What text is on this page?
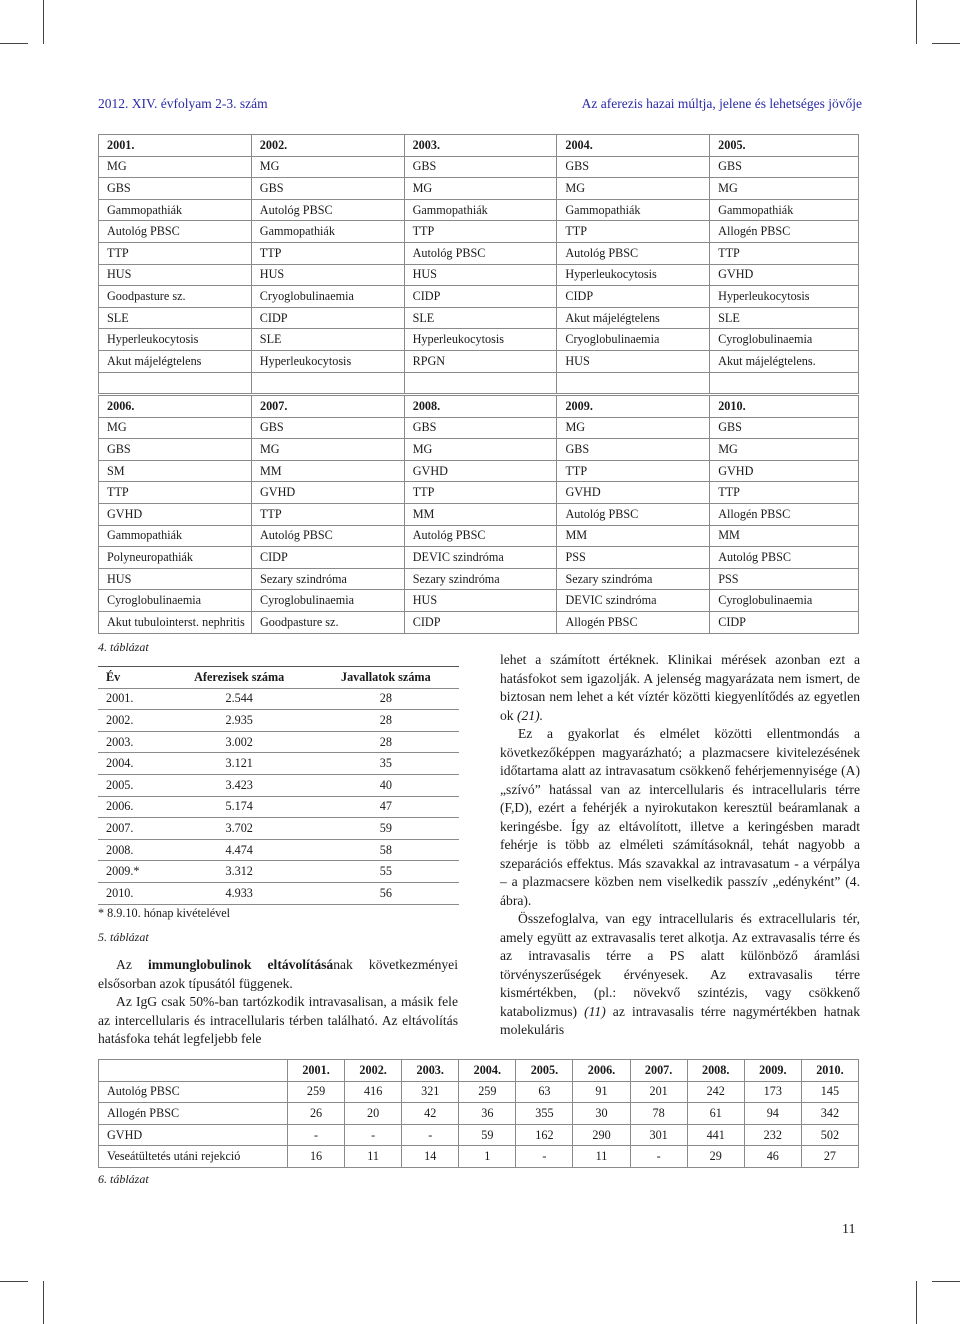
2012. XIV. évfolyam 2-3. szám	Az aferezis hazai múltja, jelene és lehetséges jövője
2001.	2002.	2003.	2004.	2005.
MG	MG	GBS	GBS	GBS
GBS	GBS	MG	MG	MG
Gammopathiák	Autológ PBSC	Gammopathiák	Gammopathiák	Gammopathiák
Autológ PBSC	Gammopathiák	TTP	TTP	Allogén PBSC
TTP	TTP	Autológ PBSC	Autológ PBSC	TTP
HUS	HUS	HUS	Hyperleukocytosis	GVHD
Goodpasture sz.	Cryoglobulinaemia	CIDP	CIDP	Hyperleukocytosis
SLE	CIDP	SLE	Akut májelégtelens	SLE
Hyperleukocytosis	SLE	Hyperleukocytosis	Cryoglobulinaemia	Cyroglobulinaemia
Akut májelégtelens	Hyperleukocytosis	RPGN	HUS	Akut májelégtelens.

2006.	2007.	2008.	2009.	2010.
MG	GBS	GBS	MG	GBS
GBS	MG	MG	GBS	MG
SM	MM	GVHD	TTP	GVHD
TTP	GVHD	TTP	GVHD	TTP
GVHD	TTP	MM	Autológ PBSC	Allogén PBSC
Gammopathiák	Autológ PBSC	Autológ PBSC	MM	MM
Polyneuropathiák	CIDP	DEVIC szindróma	PSS	Autológ PBSC
HUS	Sezary szindróma	Sezary szindróma	Sezary szindróma	PSS
Cyroglobulinaemia	Cyroglobulinaemia	HUS	DEVIC szindróma	Cyroglobulinaemia
Akut tubulointerst. nephritis	Goodpasture sz.	CIDP	Allogén PBSC	CIDP
4. táblázat
Év	Aferezisek száma	Javallatok száma
2001.	2.544	28
2002.	2.935	28
2003.	3.002	28
2004.	3.121	35
2005.	3.423	40
2006.	5.174	47
2007.	3.702	59
2008.	4.474	58
2009.*	3.312	55
2010.	4.933	56
* 8.9.10. hónap kivételével
5. táblázat

Az immunglobulinok eltávolításának következményei elsősorban azok típusától függenek.

Az IgG csak 50%-ban tartózkodik intravasalisan, a másik fele az intercellularis és intracellularis térben található. Az eltávolítás hatásfoka tehát legfeljebb fele

lehet a számított értéknek. Klinikai mérések azonban ezt a hatásfokot sem igazolják. A jelenség magyarázata nem ismert, de biztosan nem lehet a két víztér közötti kiegyenlítődés az egyetlen ok (21).

Ez a gyakorlat és elmélet közötti ellentmondás a következőképpen magyarázható; a plazmacsere kivitelezésének időtartama alatt az intravasatum csökkenő fehérjemennyisége (A) „szívó” hatással van az intercellularis és intracellularis térre (F,D), ezért a fehérjék a nyirokutakon keresztül beáramlanak a keringésbe. Így az eltávolított, illetve a keringésben maradt fehérje is több az elméleti számításoknál, tehát nagyobb a szeparációs effektus. Más szavakkal az intravasatum - a vérpálya – a plazmacsere közben nem viselkedik passzív „edényként” (4. ábra).

Összefoglalva, van egy intracellularis és extracellularis tér, amely együtt az extravasalis teret alkotja. Az extravasalis térre és az intravasalis térre a PS alatt különböző áramlási törvényszerűségek érvényesek. Az extravasalis térre kismértékben, (pl.: növekvő szintézis, vagy csökkenő katabolizmus) (11) az intravasalis térre nagymértékben hatnak molekuláris

	2001.	2002.	2003.	2004.	2005.	2006.	2007.	2008.	2009.	2010.
Autológ PBSC	259	416	321	259	63	91	201	242	173	145
Allogén PBSC	26	20	42	36	355	30	78	61	94	342
GVHD	-	-	-	59	162	290	301	441	232	502
Veseátültetés utáni rejekció	16	11	14	1	-	11	-	29	46	27
6. táblázat
11
